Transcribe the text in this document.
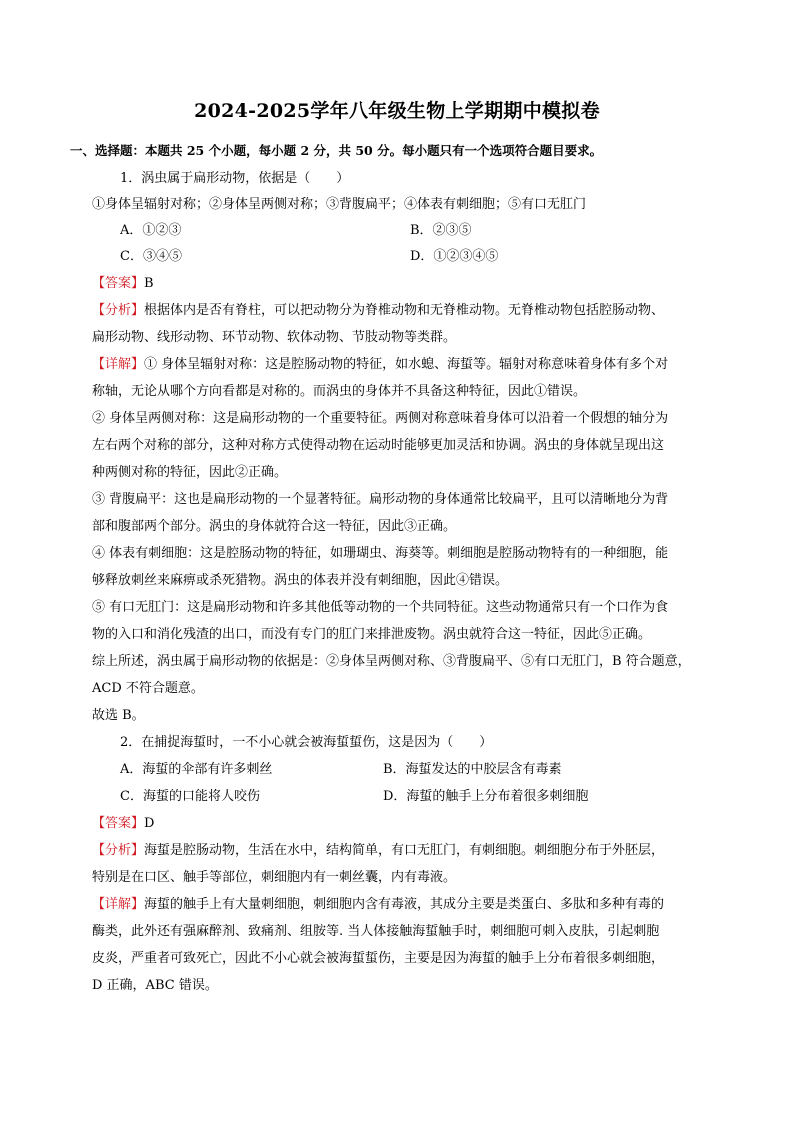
2024-2025学年八年级生物上学期期中模拟卷
一、选择题：本题共 25 个小题，每小题 2 分，共 50 分。每小题只有一个选项符合题目要求。
1．涡虫属于扁形动物，依据是（　　）
①身体呈辐射对称；②身体呈两侧对称；③背腹扁平；④体表有刺细胞；⑤有口无肛门
A．①②③	B．②③⑤
C．③④⑤	D．①②③④⑤
【答案】B
【分析】根据体内是否有脊柱，可以把动物分为脊椎动物和无脊椎动物。无脊椎动物包括腔肠动物、
扁形动物、线形动物、环节动物、软体动物、节肢动物等类群。
【详解】① 身体呈辐射对称：这是腔肠动物的特征，如水螅、海蜇等。辐射对称意味着身体有多个对
称轴，无论从哪个方向看都是对称的。而涡虫的身体并不具备这种特征，因此①错误。
② 身体呈两侧对称：这是扁形动物的一个重要特征。两侧对称意味着身体可以沿着一个假想的轴分为
左右两个对称的部分，这种对称方式使得动物在运动时能够更加灵活和协调。涡虫的身体就呈现出这
种两侧对称的特征，因此②正确。
③ 背腹扁平：这也是扁形动物的一个显著特征。扁形动物的身体通常比较扁平，且可以清晰地分为背
部和腹部两个部分。涡虫的身体就符合这一特征，因此③正确。
④ 体表有刺细胞：这是腔肠动物的特征，如珊瑚虫、海葵等。刺细胞是腔肠动物特有的一种细胞，能
够释放刺丝来麻痹或杀死猎物。涡虫的体表并没有刺细胞，因此④错误。
⑤ 有口无肛门：这是扁形动物和许多其他低等动物的一个共同特征。这些动物通常只有一个口作为食
物的入口和消化残渣的出口，而没有专门的肛门来排泄废物。涡虫就符合这一特征，因此⑤正确。
综上所述，涡虫属于扁形动物的依据是：②身体呈两侧对称、③背腹扁平、⑤有口无肛门，B 符合题意，
ACD 不符合题意。
故选 B。
2．在捕捉海蜇时，一不小心就会被海蜇蜇伤，这是因为（　　）
A．海蜇的伞部有许多刺丝	B．海蜇发达的中胶层含有毒素
C．海蜇的口能将人咬伤	D．海蜇的触手上分布着很多刺细胞
【答案】D
【分析】海蜇是腔肠动物，生活在水中，结构简单，有口无肛门，有刺细胞。刺细胞分布于外胚层，
特别是在口区、触手等部位，刺细胞内有一刺丝囊，内有毒液。
【详解】海蜇的触手上有大量刺细胞，刺细胞内含有毒液，其成分主要是类蛋白、多肽和多种有毒的
酶类，此外还有强麻醉剂、致痛剂、组胺等. 当人体接触海蜇触手时，刺细胞可刺入皮肤，引起刺胞
皮炎，严重者可致死亡，因此不小心就会被海蜇蜇伤，主要是因为海蜇的触手上分布着很多刺细胞，
D 正确，ABC 错误。
